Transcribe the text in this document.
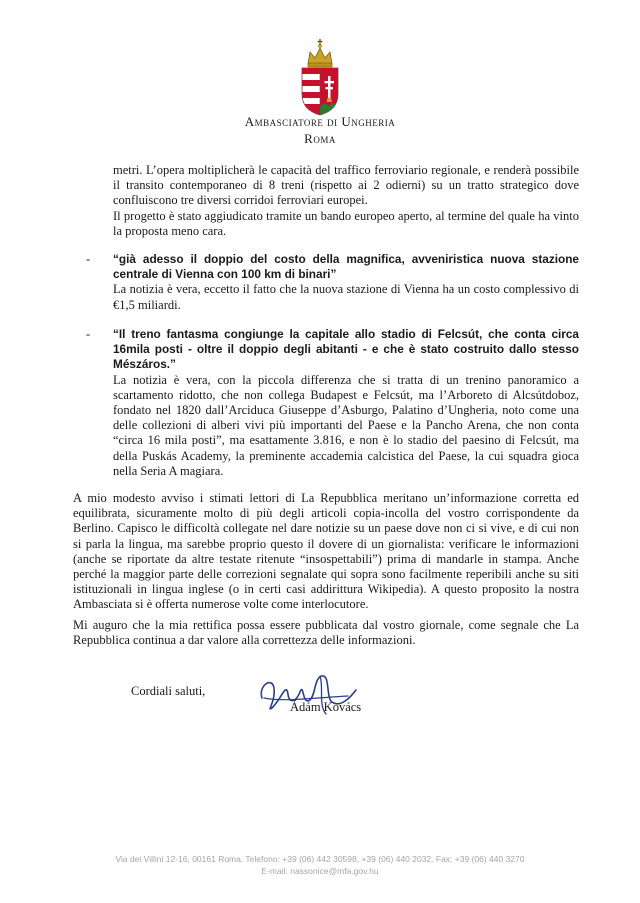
Ambasciatore di Ungheria
Roma

metri. L’opera moltiplicherà le capacità del traffico ferroviario regionale, e renderà possibile il transito contemporaneo di 8 treni (rispetto ai 2 odierni) su un tratto strategico dove confluiscono tre diversi corridoi ferroviari europei.

Il progetto è stato aggiudicato tramite un bando europeo aperto, al termine del quale ha vinto la proposta meno cara.

- “già adesso il doppio del costo della magnifica, avveniristica nuova stazione centrale di Vienna con 100 km di binari”

La notizia è vera, eccetto il fatto che la nuova stazione di Vienna ha un costo complessivo di €1,5 miliardi.

- “Il treno fantasma congiunge la capitale allo stadio di Felcsút, che conta circa 16mila posti - oltre il doppio degli abitanti - e che è stato costruito dallo stesso Mészáros.”

La notizia è vera, con la piccola differenza che si tratta di un trenino panoramico a scartamento ridotto, che non collega Budapest e Felcsút, ma l’Arboreto di Alcsútdoboz, fondato nel 1820 dall’Arciduca Giuseppe d’Asburgo, Palatino d’Ungheria, noto come una delle collezioni di alberi vivi più importanti del Paese e la Pancho Arena, che non conta “circa 16 mila posti”, ma esattamente 3.816, e non è lo stadio del paesino di Felcsút, ma della Puskás Academy, la preminente accademia calcistica del Paese, la cui squadra gioca nella Seria A magiara.

A mio modesto avviso i stimati lettori di La Repubblica meritano un’informazione corretta ed equilibrata, sicuramente molto di più degli articoli copia-incolla del vostro corrispondente da Berlino. Capisco le difficoltà collegate nel dare notizie su un paese dove non ci si vive, e di cui non si parla la lingua, ma sarebbe proprio questo il dovere di un giornalista: verificare le informazioni (anche se riportate da altre testate ritenute “insospettabili”) prima di mandarle in stampa. Anche perché la maggior parte delle correzioni segnalate qui sopra sono facilmente reperibili anche su siti istituzionali in lingua inglese (o in certi casi addirittura Wikipedia). A questo proposito la nostra Ambasciata si è offerta numerose volte come interlocutore.

Mi auguro che la mia rettifica possa essere pubblicata dal vostro giornale, come segnale che La Repubblica continua a dar valore alla correttezza delle informazioni.

Cordiali saluti,
Ádám Kovács
Via dei Villini 12-16, 00161 Roma. Telefono: +39 (06) 442 30598, +39 (06) 440 2032. Fax: +39 (06) 440 3270
E-mail: nassonice@mfa.gov.hu
